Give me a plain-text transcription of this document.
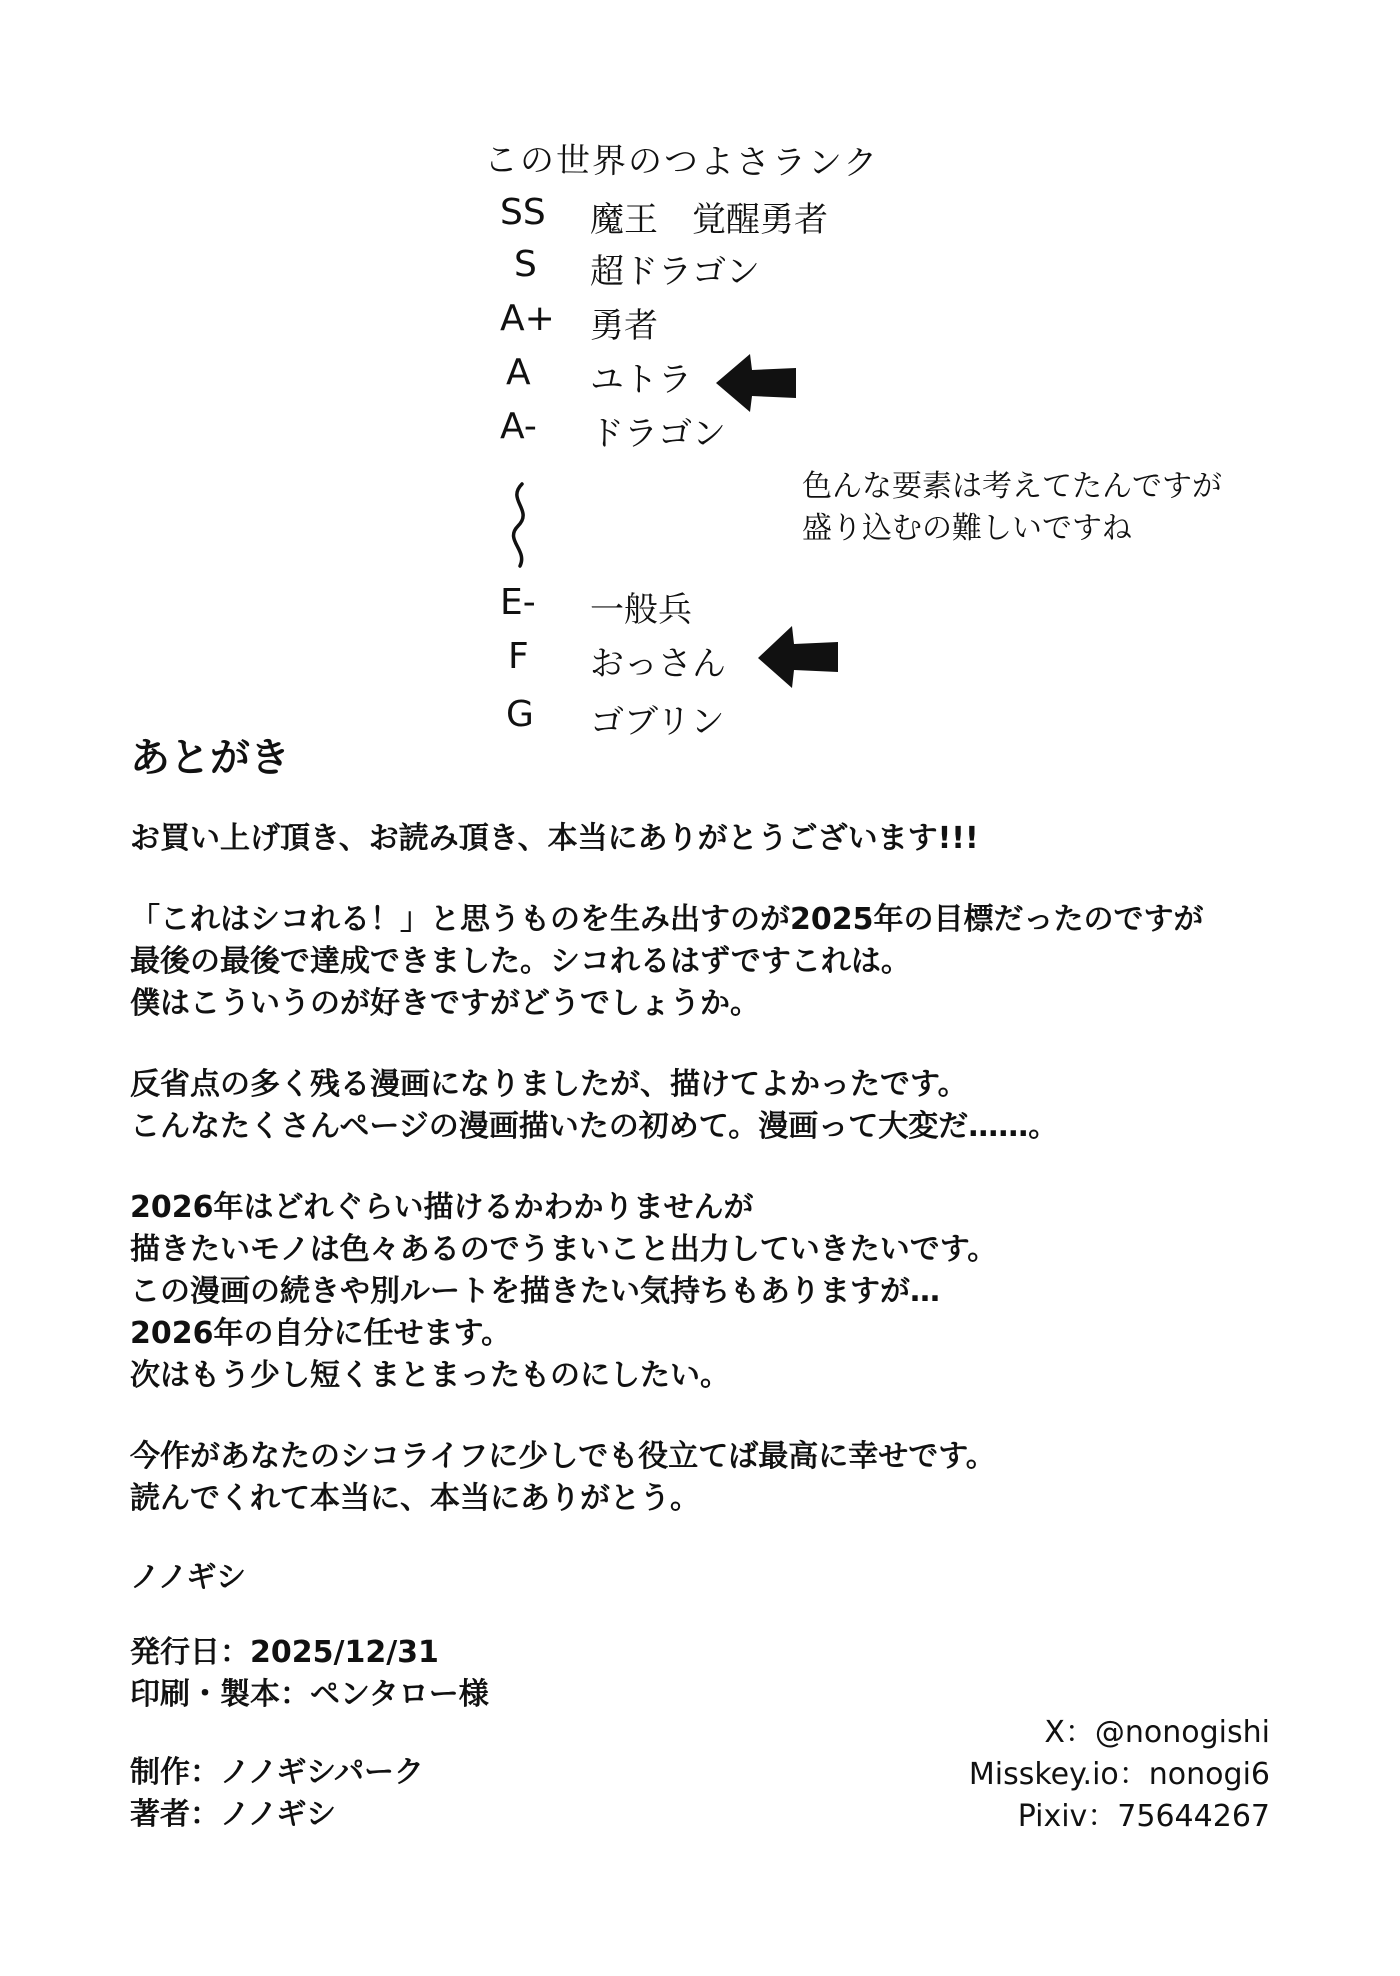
この世界のつよさランク
SS	魔王 覚醒勇者
S	超ドラゴン
A+	勇者
A	ユトラ
A-	ドラゴン
E-	一般兵
F	おっさん
G	ゴブリン
色んな要素は考えてたんですが
盛り込むの難しいですね
あとがき
お買い上げ頂き、お読み頂き、本当にありがとうございます!!!
「これはシコれる！」と思うものを生み出すのが2025年の目標だったのですが
最後の最後で達成できました。シコれるはずですこれは。
僕はこういうのが好きですがどうでしょうか。
反省点の多く残る漫画になりましたが、描けてよかったです。
こんなたくさんページの漫画描いたの初めて。漫画って大変だ……。
2026年はどれぐらい描けるかわかりませんが
描きたいモノは色々あるのでうまいこと出力していきたいです。
この漫画の続きや別ルートを描きたい気持ちもありますが…
2026年の自分に任せます。
次はもう少し短くまとまったものにしたい。
今作があなたのシコライフに少しでも役立てば最高に幸せです。
読んでくれて本当に、本当にありがとう。
ノノギシ
発行日：2025/12/31
印刷・製本：ペンタロー様
制作：ノノギシパーク
著者：ノノギシ
X：@nonogishi
Misskey.io：nonogi6
Pixiv：75644267
